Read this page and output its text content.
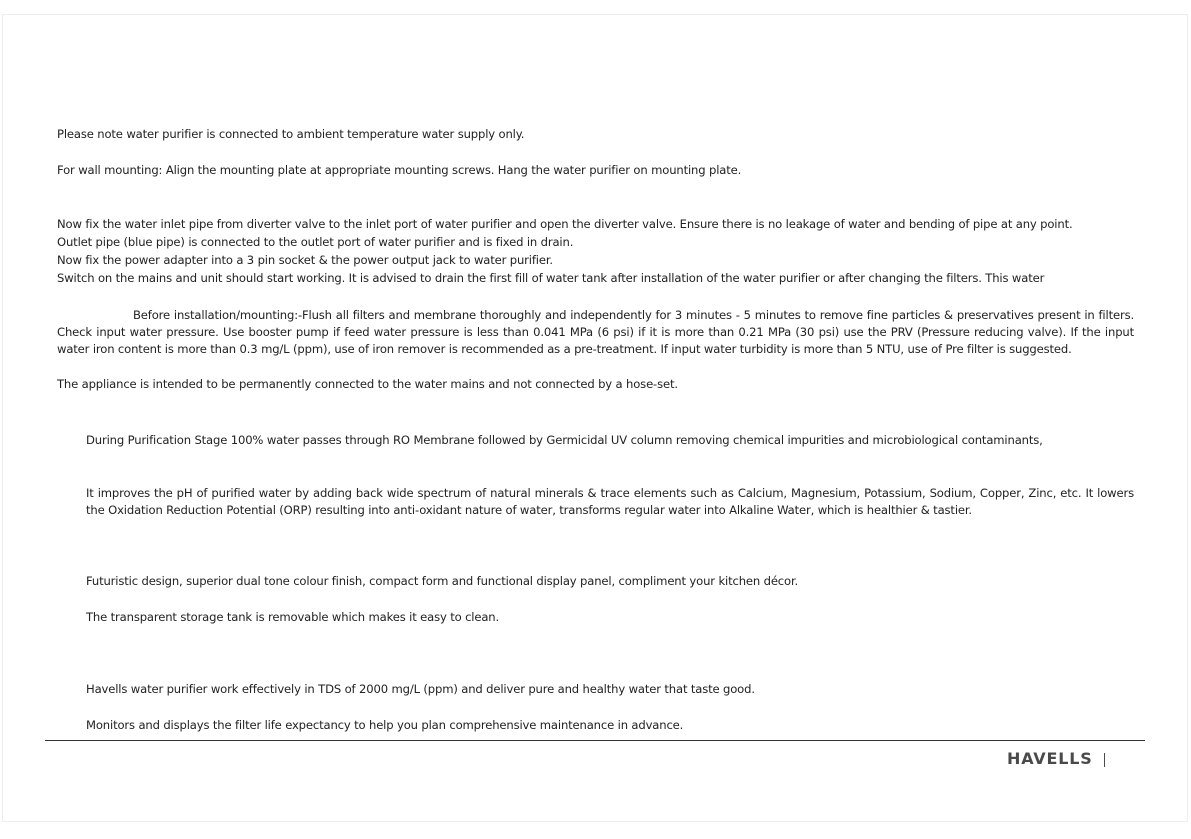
Please note water purifier is connected to ambient temperature water supply only.
For wall mounting: Align the mounting plate at appropriate mounting screws. Hang the water purifier on mounting plate.
Now fix the water inlet pipe from diverter valve to the inlet port of water purifier and open the diverter valve. Ensure there is no leakage of water and bending of pipe at any point.
Outlet pipe (blue pipe) is connected to the outlet port of water purifier and is fixed in drain.
Now fix the power adapter into a 3 pin socket & the power output jack to water purifier.
Switch on the mains and unit should start working. It is advised to drain the first fill of water tank after installation of the water purifier or after changing the filters. This water
Before installation/mounting:-Flush all filters and membrane thoroughly and independently for 3 minutes - 5 minutes to remove fine particles & preservatives present in filters. Check input water pressure. Use booster pump if feed water pressure is less than 0.041 MPa (6 psi) if it is more than 0.21 MPa (30 psi) use the PRV (Pressure reducing valve). If the input water iron content is more than 0.3 mg/L (ppm), use of iron remover is recommended as a pre-treatment. If input water turbidity is more than 5 NTU, use of Pre filter is suggested.
The appliance is intended to be permanently connected to the water mains and not connected by a hose-set.
During Purification Stage 100% water passes through RO Membrane followed by Germicidal UV column removing chemical impurities and microbiological contaminants,
It improves the pH of purified water by adding back wide spectrum of natural minerals & trace elements such as Calcium, Magnesium, Potassium, Sodium, Copper, Zinc, etc. It lowers the Oxidation Reduction Potential (ORP) resulting into anti-oxidant nature of water, transforms regular water into Alkaline Water, which is healthier & tastier.
Futuristic design, superior dual tone colour finish, compact form and functional display panel, compliment your kitchen décor.
The transparent storage tank is removable which makes it easy to clean.
Havells water purifier work effectively in TDS of 2000 mg/L (ppm) and deliver pure and healthy water that taste good.
Monitors and displays the filter life expectancy to help you plan comprehensive maintenance in advance.
HAVELLS
